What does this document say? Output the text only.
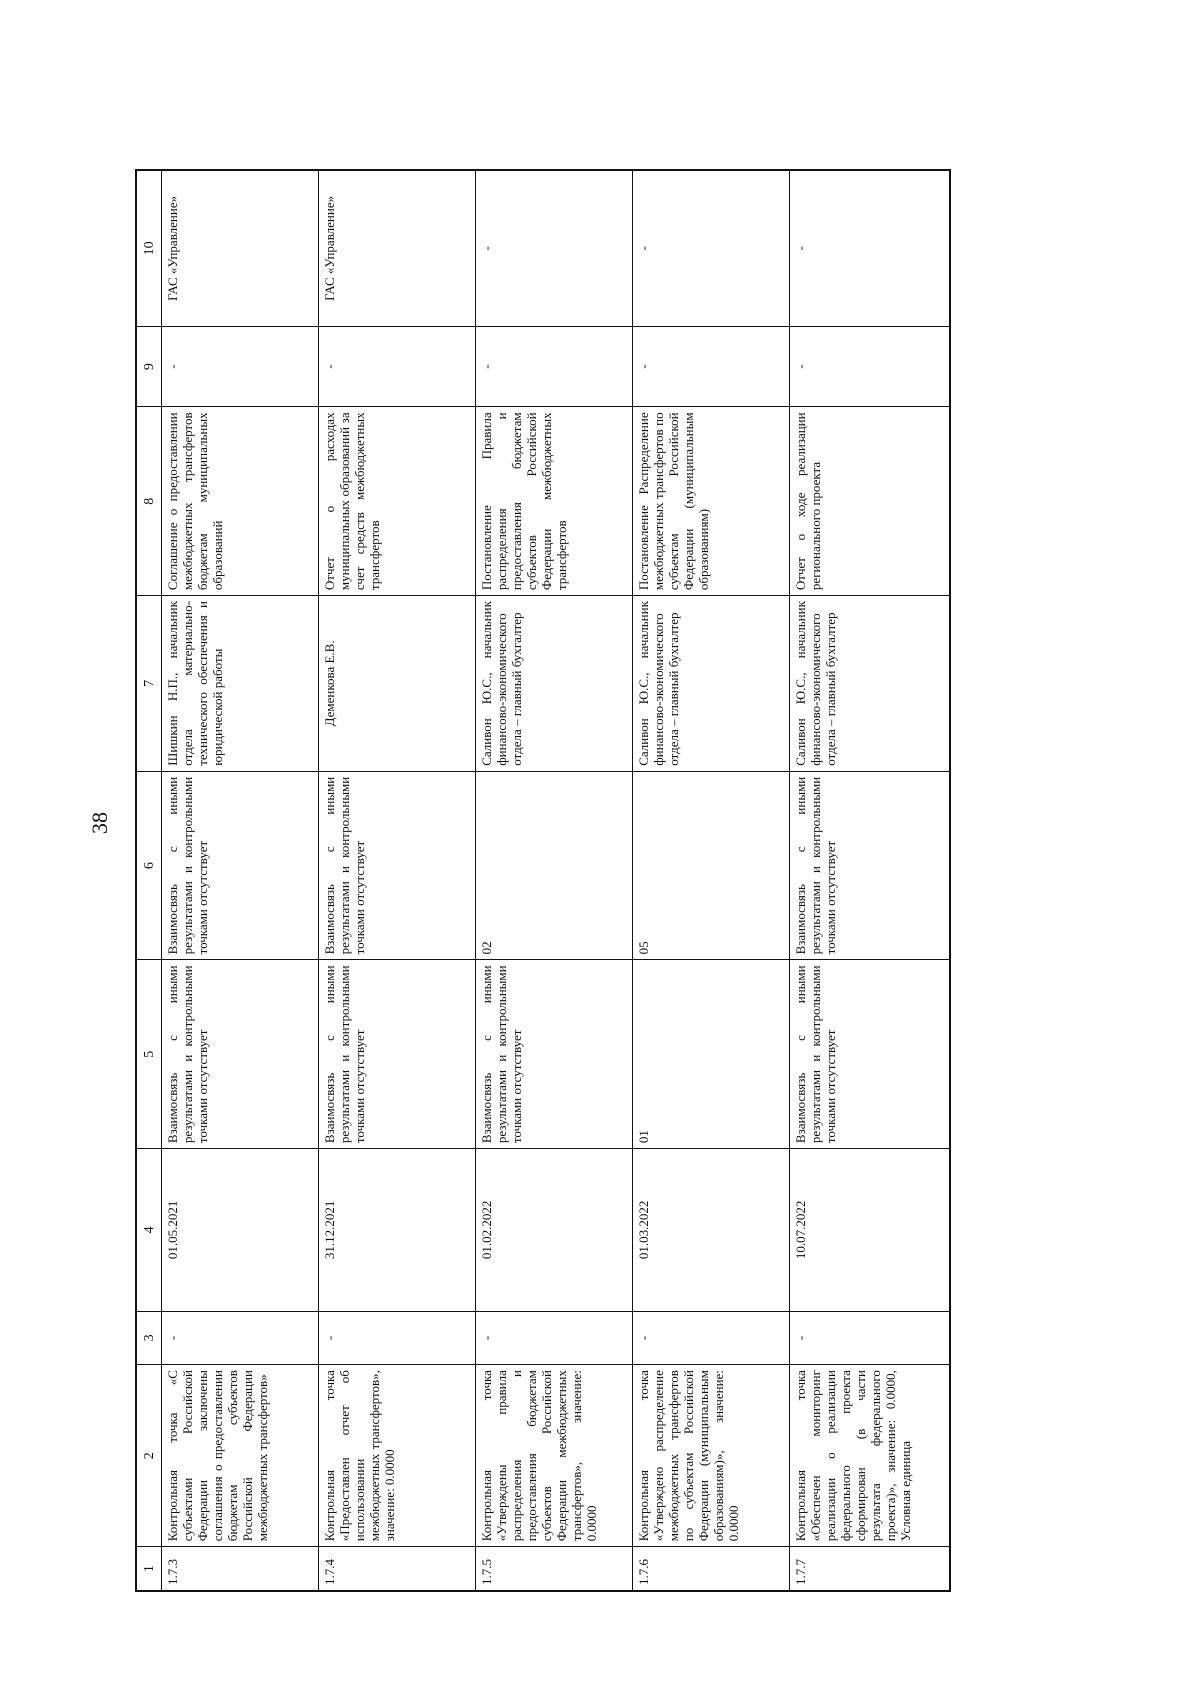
38
1	2	3	4	5	6	7	8	9	10
1.7.3	Контрольная точка «С субъектами Российской Федерации заключены соглашения о предоставлении бюджетам субъектов Российской Федерации межбюджетных трансфертов»	-	01.05.2021	Взаимосвязь с иными результатами и контрольными точками отсутствует	Взаимосвязь с иными результатами и контрольными точками отсутствует	Шишкин Н.П., начальник отдела материально-технического обеспечения и юридической работы	Соглашение о предоставлении межбюджетных трансфертов бюджетам муниципальных образований	-	ГАС «Управление»
1.7.4	Контрольная точка «Предоставлен отчет об использовании межбюджетных трансфертов», значение: 0.0000	-	31.12.2021	Взаимосвязь с иными результатами и контрольными точками отсутствует	Взаимосвязь с иными результатами и контрольными точками отсутствует	Деменкова Е.В.	Отчет о расходах муниципальных образований за счет средств межбюджетных трансфертов	-	ГАС «Управление»
1.7.5	Контрольная точка «Утверждены правила распределения и предоставления бюджетам субъектов Российской Федерации межбюджетных трансфертов», значение: 0.0000	-	01.02.2022	Взаимосвязь с иными результатами и контрольными точками отсутствует	02	Саливон Ю.С., начальник финансово-экономического отдела – главный бухгалтер	Постановление Правила распределения и предоставления бюджетам субъектов Российской Федерации межбюджетных трансфертов	-	-
1.7.6	Контрольная точка «Утверждено распределение межбюджетных трансфертов по субъектам Российской Федерации (муниципальным образованиям)», значение: 0.0000	-	01.03.2022	01	05	Саливон Ю.С., начальник финансово-экономического отдела – главный бухгалтер	Постановление Распределение межбюджетных трансфертов по субъектам Российской Федерации (муниципальным образованиям)	-	-
1.7.7	Контрольная точка «Обеспечен мониторинг реализации о реализации федерального проекта сформирован (в части результата федерального проекта)», значение: 0.0000, Условная единица	-	10.07.2022	Взаимосвязь с иными результатами и контрольными точками отсутствует	Взаимосвязь с иными результатами и контрольными точками отсутствует	Саливон Ю.С., начальник финансово-экономического отдела – главный бухгалтер	Отчет о ходе реализации регионального проекта	-	-
